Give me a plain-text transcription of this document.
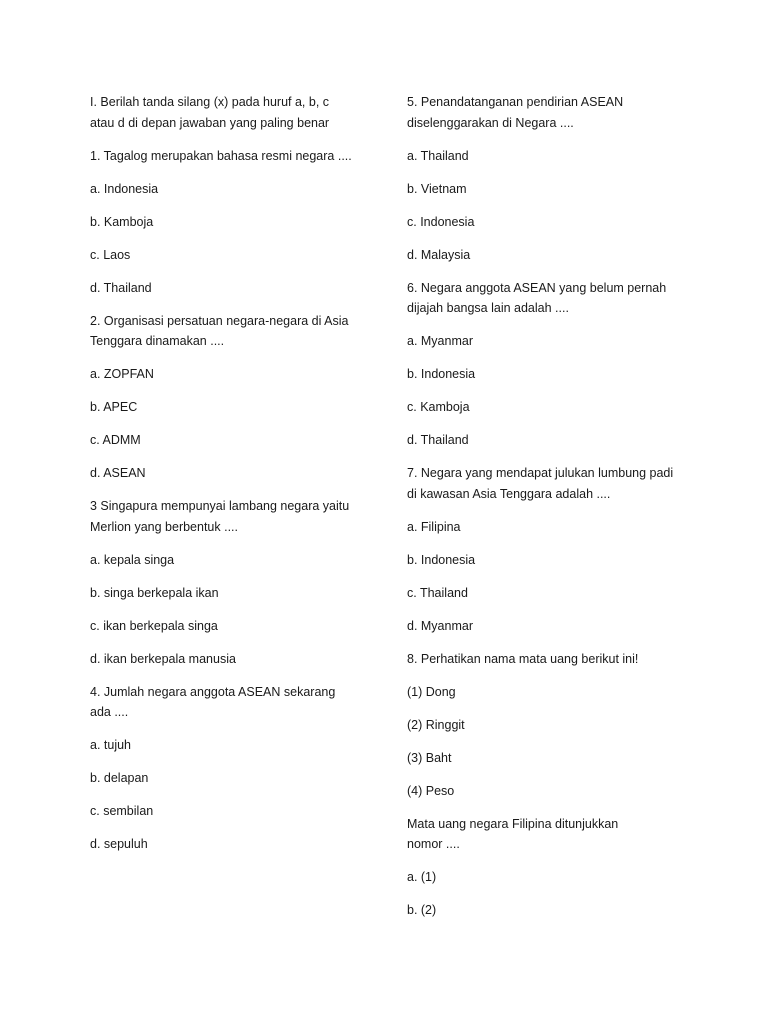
I. Berilah tanda silang (x) pada huruf a, b, c
atau d di depan jawaban yang paling benar

1. Tagalog merupakan bahasa resmi negara ....

a. Indonesia

b. Kamboja

c. Laos

d. Thailand

2. Organisasi persatuan negara-negara di Asia
Tenggara dinamakan ....

a. ZOPFAN

b. APEC

c. ADMM

d. ASEAN

3 Singapura mempunyai lambang negara yaitu
Merlion yang berbentuk ....

a. kepala singa

b. singa berkepala ikan

c. ikan berkepala singa

d. ikan berkepala manusia

4. Jumlah negara anggota ASEAN sekarang
ada ....

a. tujuh

b. delapan

c. sembilan

d. sepuluh

5. Penandatanganan pendirian ASEAN
diselenggarakan di Negara ....

a. Thailand

b. Vietnam

c. Indonesia

d. Malaysia

6. Negara anggota ASEAN yang belum pernah
dijajah bangsa lain adalah ....

a. Myanmar

b. Indonesia

c. Kamboja

d. Thailand

7. Negara yang mendapat julukan lumbung padi
di kawasan Asia Tenggara adalah ....

a. Filipina

b. Indonesia

c. Thailand

d. Myanmar

8. Perhatikan nama mata uang berikut ini!

(1) Dong

(2) Ringgit

(3) Baht

(4) Peso

Mata uang negara Filipina ditunjukkan
nomor ....

a. (1)

b. (2)
